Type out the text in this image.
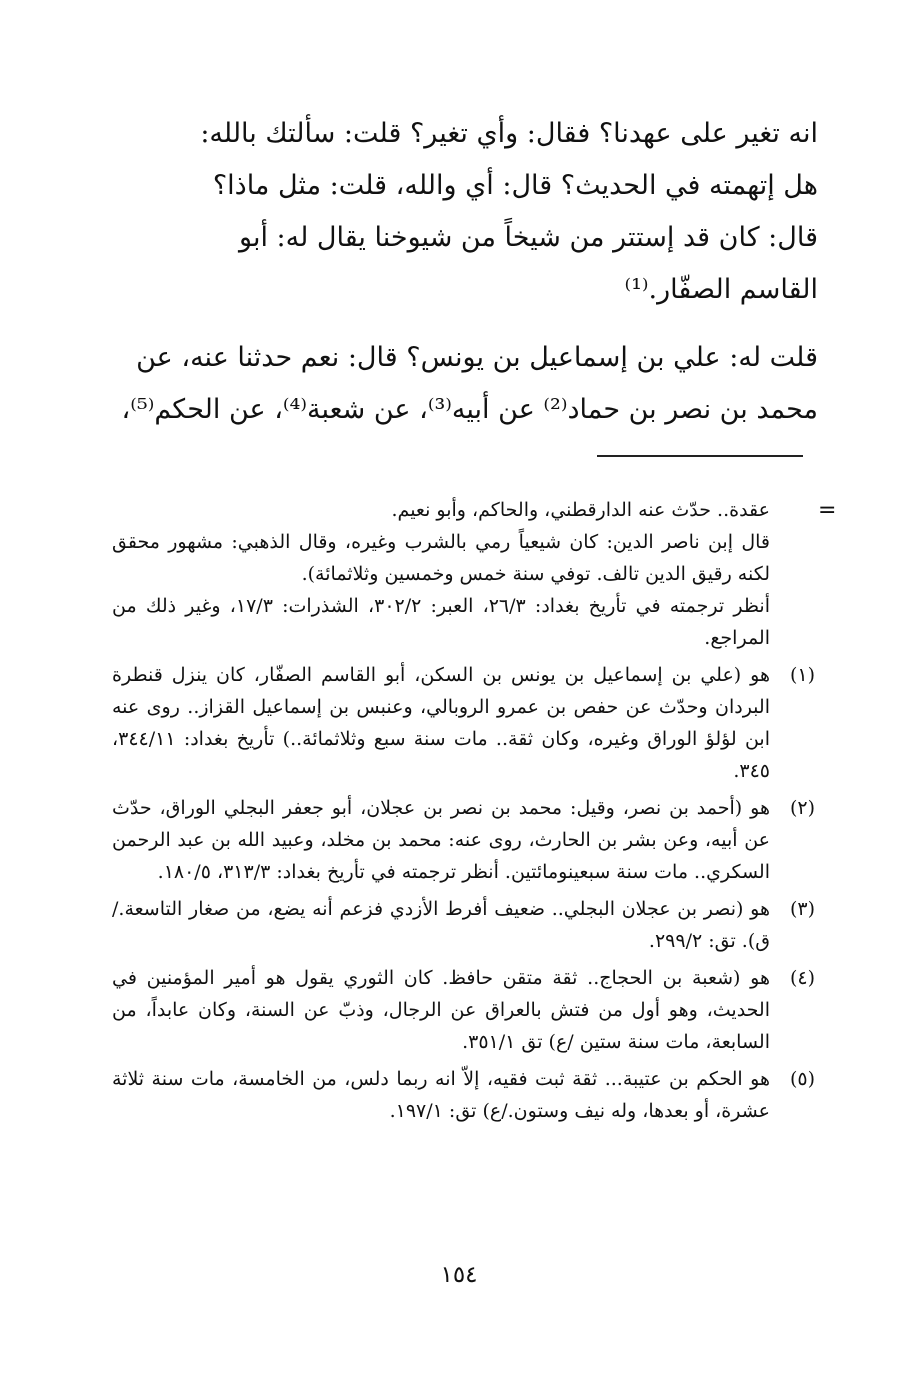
انه تغير على عهدنا؟ فقال: وأي تغير؟ قلت: سألتك بالله:

هل إتهمته في الحديث؟ قال: أي والله، قلت: مثل ماذا؟

قال: كان قد إستتر من شيخاً من شيوخنا يقال له: أبو

القاسم الصفّار.⁽¹⁾

قلت له: علي بن إسماعيل بن يونس؟ قال: نعم حدثنا عنه، عن

محمد بن نصر بن حماد⁽²⁾ عن أبيه⁽³⁾، عن شعبة⁽⁴⁾، عن الحكم⁽⁵⁾،

=

عقدة.. حدّث عنه الدارقطني، والحاكم، وأبو نعيم.

قال إبن ناصر الدين: كان شيعياً رمي بالشرب وغيره، وقال الذهبي: مشهور محقق لكنه رقيق الدين تالف. توفي سنة خمس وخمسين وثلاثمائة).

أنظر ترجمته في تأريخ بغداد: ٢٦/٣، العبر: ٣٠٢/٢، الشذرات: ١٧/٣، وغير ذلك من المراجع.

(١)
هو (علي بن إسماعيل بن يونس بن السكن، أبو القاسم الصفّار، كان ينزل قنطرة البردان وحدّث عن حفص بن عمرو الروبالي، وعنبس بن إسماعيل القزاز.. روى عنه ابن لؤلؤ الوراق وغيره، وكان ثقة.. مات سنة سبع وثلاثمائة..) تأريخ بغداد: ٣٤٤/١١، ٣٤٥.
(٢)
هو (أحمد بن نصر، وقيل: محمد بن نصر بن عجلان، أبو جعفر البجلي الوراق، حدّث عن أبيه، وعن بشر بن الحارث، روى عنه: محمد بن مخلد، وعبيد الله بن عبد الرحمن السكري.. مات سنة سبعينومائتين. أنظر ترجمته في تأريخ بغداد: ٣١٣/٣، ١٨٠/٥.
(٣)
هو (نصر بن عجلان البجلي.. ضعيف أفرط الأزدي فزعم أنه يضع، من صغار التاسعة./ق). تق: ٢٩٩/٢.
(٤)
هو (شعبة بن الحجاج.. ثقة متقن حافظ. كان الثوري يقول هو أمير المؤمنين في الحديث، وهو أول من فتش بالعراق عن الرجال، وذبّ عن السنة، وكان عابداً، من السابعة، مات سنة ستين /ع) تق ٣٥١/١.
(٥)
هو الحكم بن عتيبة... ثقة ثبت فقيه، إلاّ انه ربما دلس، من الخامسة، مات سنة ثلاثة عشرة، أو بعدها، وله نيف وستون./ع) تق: ١٩٧/١.
١٥٤
